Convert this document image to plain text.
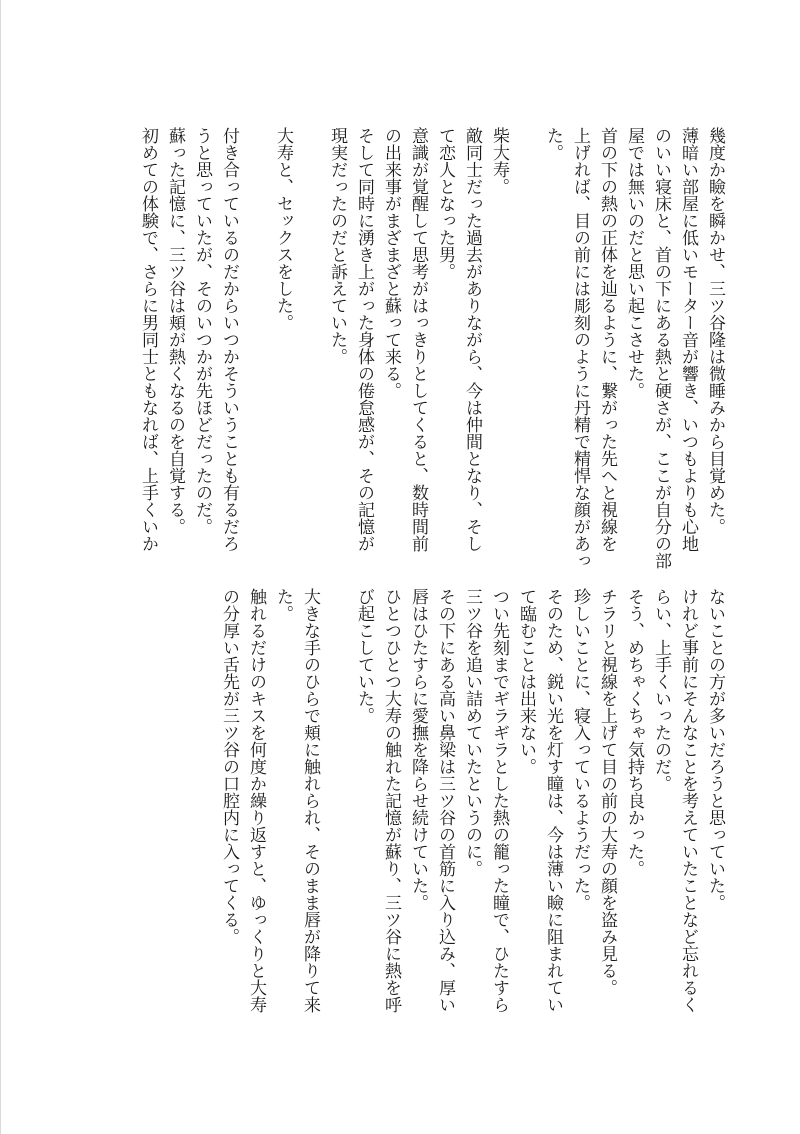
幾度か瞼を瞬かせ、三ツ谷隆は微睡みから目覚めた。
薄暗い部屋に低いモーター音が響き、いつもよりも心地
のいい寝床と、首の下にある熱と硬さが、ここが自分の部
屋では無いのだと思い起こさせた。
首の下の熱の正体を辿るように、繋がった先へと視線を
上げれば、目の前には彫刻のように丹精で精悍な顔があっ
た。

柴大寿。
敵同士だった過去がありながら、今は仲間となり、そし
て恋人となった男。
意識が覚醒して思考がはっきりとしてくると、数時間前
の出来事がまざまざと蘇って来る。
そして同時に湧き上がった身体の倦怠感が、その記憶が
現実だったのだと訴えていた。

大寿と、セックスをした。

付き合っているのだからいつかそういうことも有るだろ
うと思っていたが、そのいつかが先ほどだったのだ。
蘇った記憶に、三ツ谷は頬が熱くなるのを自覚する。
初めての体験で、さらに男同士ともなれば、上手くいか
ないことの方が多いだろうと思っていた。
けれど事前にそんなことを考えていたことなど忘れるく
らい、上手くいったのだ。
そう、めちゃくちゃ気持ち良かった。
チラリと視線を上げて目の前の大寿の顔を盗み見る。
珍しいことに、寝入っているようだった。
そのため、鋭い光を灯す瞳は、今は薄い瞼に阻まれてい
て臨むことは出来ない。
つい先刻までギラギラとした熱の籠った瞳で、ひたすら
三ツ谷を追い詰めていたというのに。
その下にある高い鼻梁は三ツ谷の首筋に入り込み、厚い
唇はひたすらに愛撫を降らせ続けていた。
ひとつひとつ大寿の触れた記憶が蘇り、三ツ谷に熱を呼
び起こしていた。

大きな手のひらで頬に触れられ、そのまま唇が降りて来
た。
触れるだけのキスを何度か繰り返すと、ゆっくりと大寿
の分厚い舌先が三ツ谷の口腔内に入ってくる。
